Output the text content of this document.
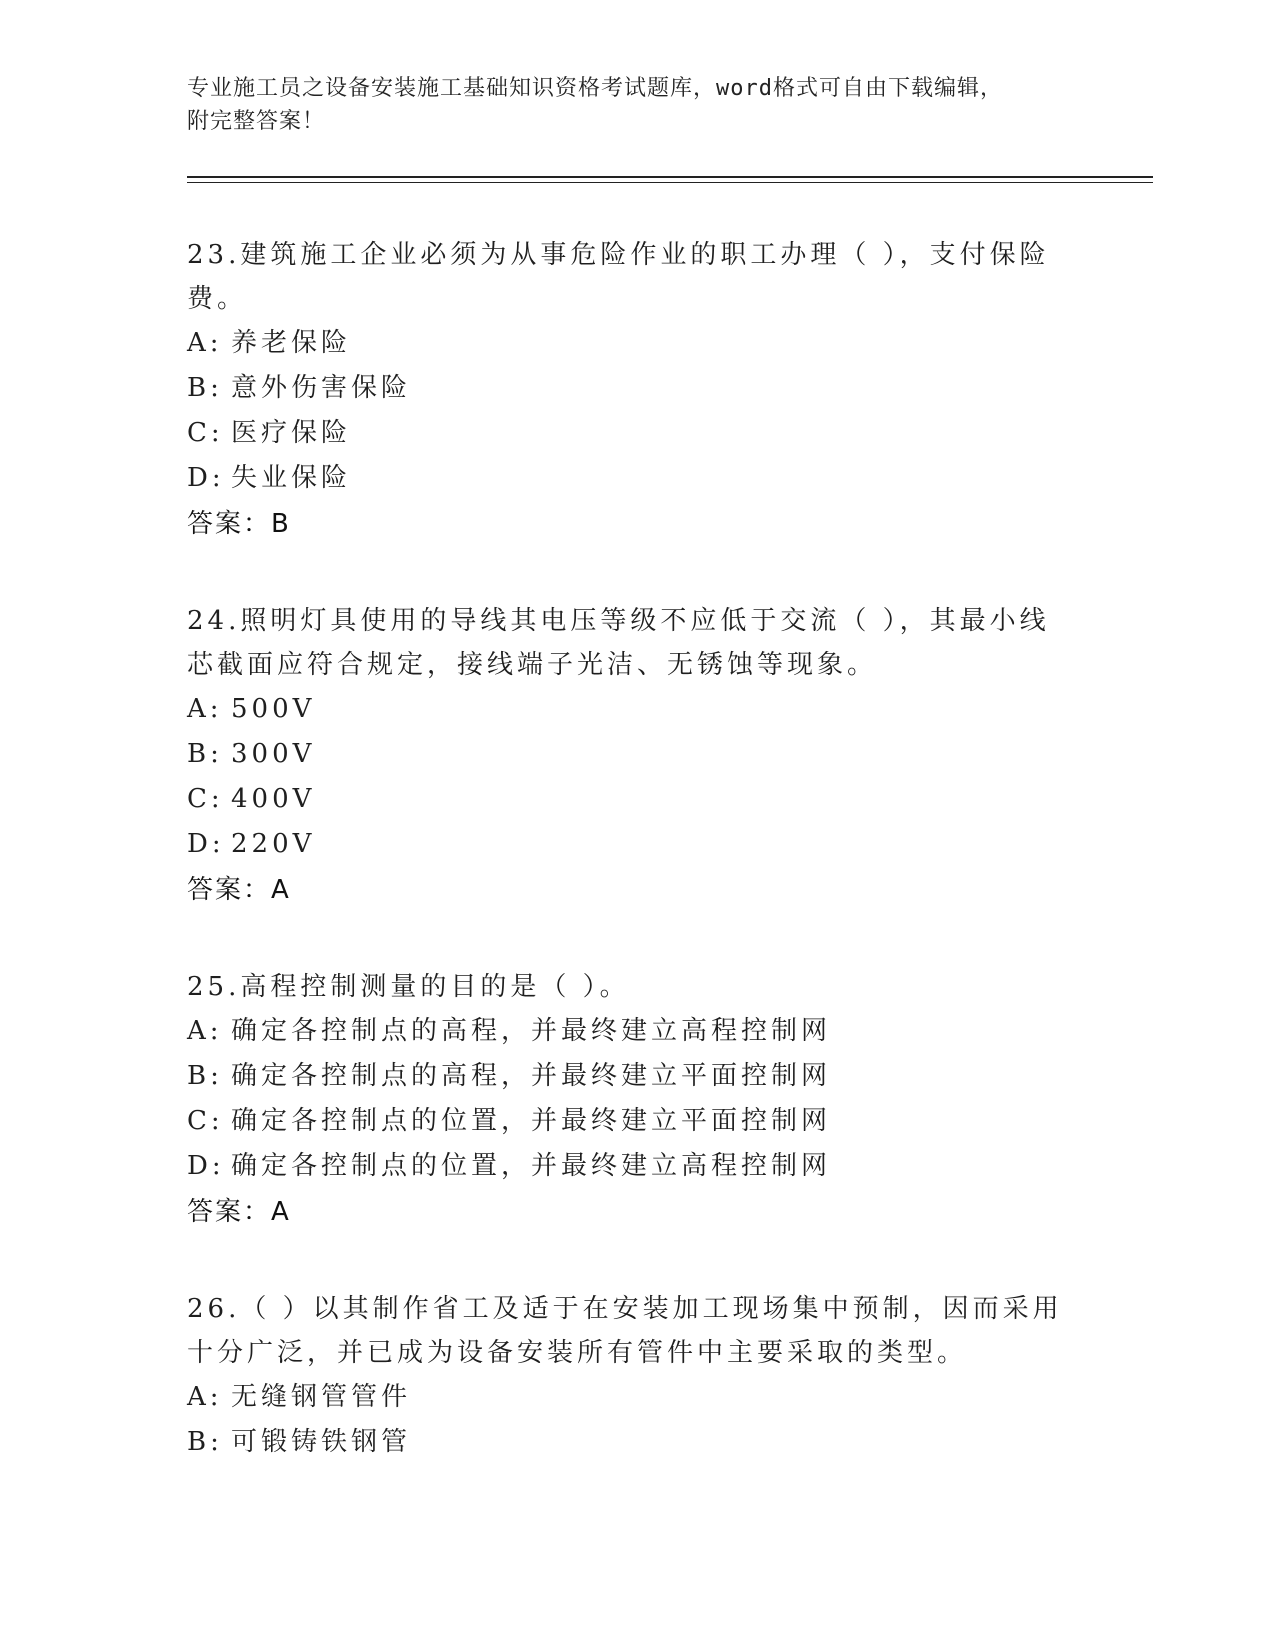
专业施工员之设备安装施工基础知识资格考试题库，word格式可自由下载编辑，
附完整答案！

23.建筑施工企业必须为从事危险作业的职工办理（ ），支付保险费。

A: 养老保险

B: 意外伤害保险

C: 医疗保险

D: 失业保险

答案：B

24.照明灯具使用的导线其电压等级不应低于交流（ ），其最小线芯截面应符合规定，接线端子光洁、无锈蚀等现象。

A: 500V

B: 300V

C: 400V

D: 220V

答案：A

25.高程控制测量的目的是（ ）。

A: 确定各控制点的高程，并最终建立高程控制网

B: 确定各控制点的高程，并最终建立平面控制网

C: 确定各控制点的位置，并最终建立平面控制网

D: 确定各控制点的位置，并最终建立高程控制网

答案：A

26.（ ）以其制作省工及适于在安装加工现场集中预制，因而采用十分广泛，并已成为设备安装所有管件中主要采取的类型。

A: 无缝钢管管件

B: 可锻铸铁钢管
